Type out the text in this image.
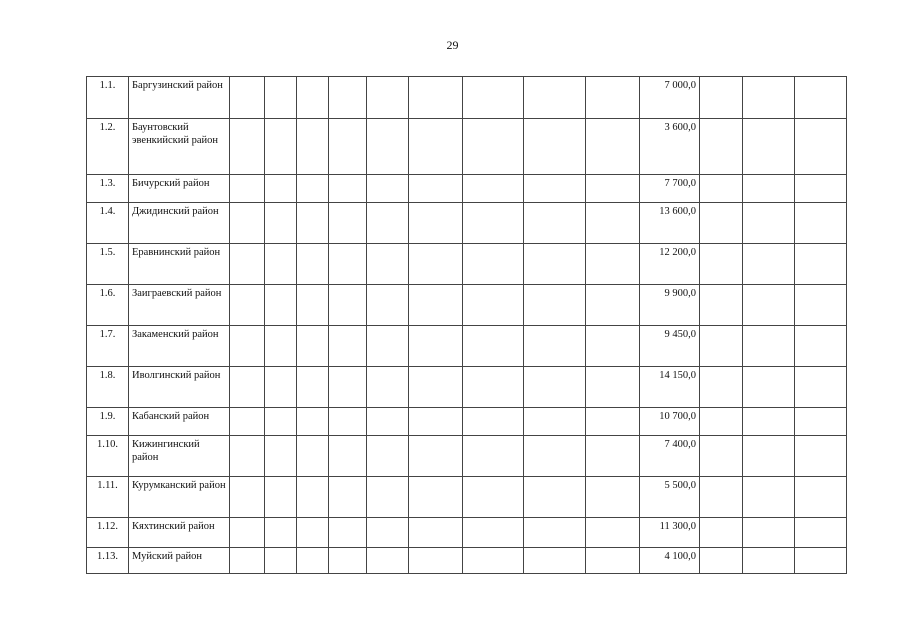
29
1.1.	Баргузинский район										7 000,0			
1.2.	Баунтовский эвенкийский район										3 600,0			
1.3.	Бичурский район										7 700,0			
1.4.	Джидинский район										13 600,0			
1.5.	Еравнинский район										12 200,0			
1.6.	Заиграевский район										9 900,0			
1.7.	Закаменский район										9 450,0			
1.8.	Иволгинский район										14 150,0			
1.9.	Кабанский район										10 700,0			
1.10.	Кижингинский район										7 400,0			
1.11.	Курумканский район										5 500,0			
1.12.	Кяхтинский район										11 300,0			
1.13.	Муйский район										4 100,0			
